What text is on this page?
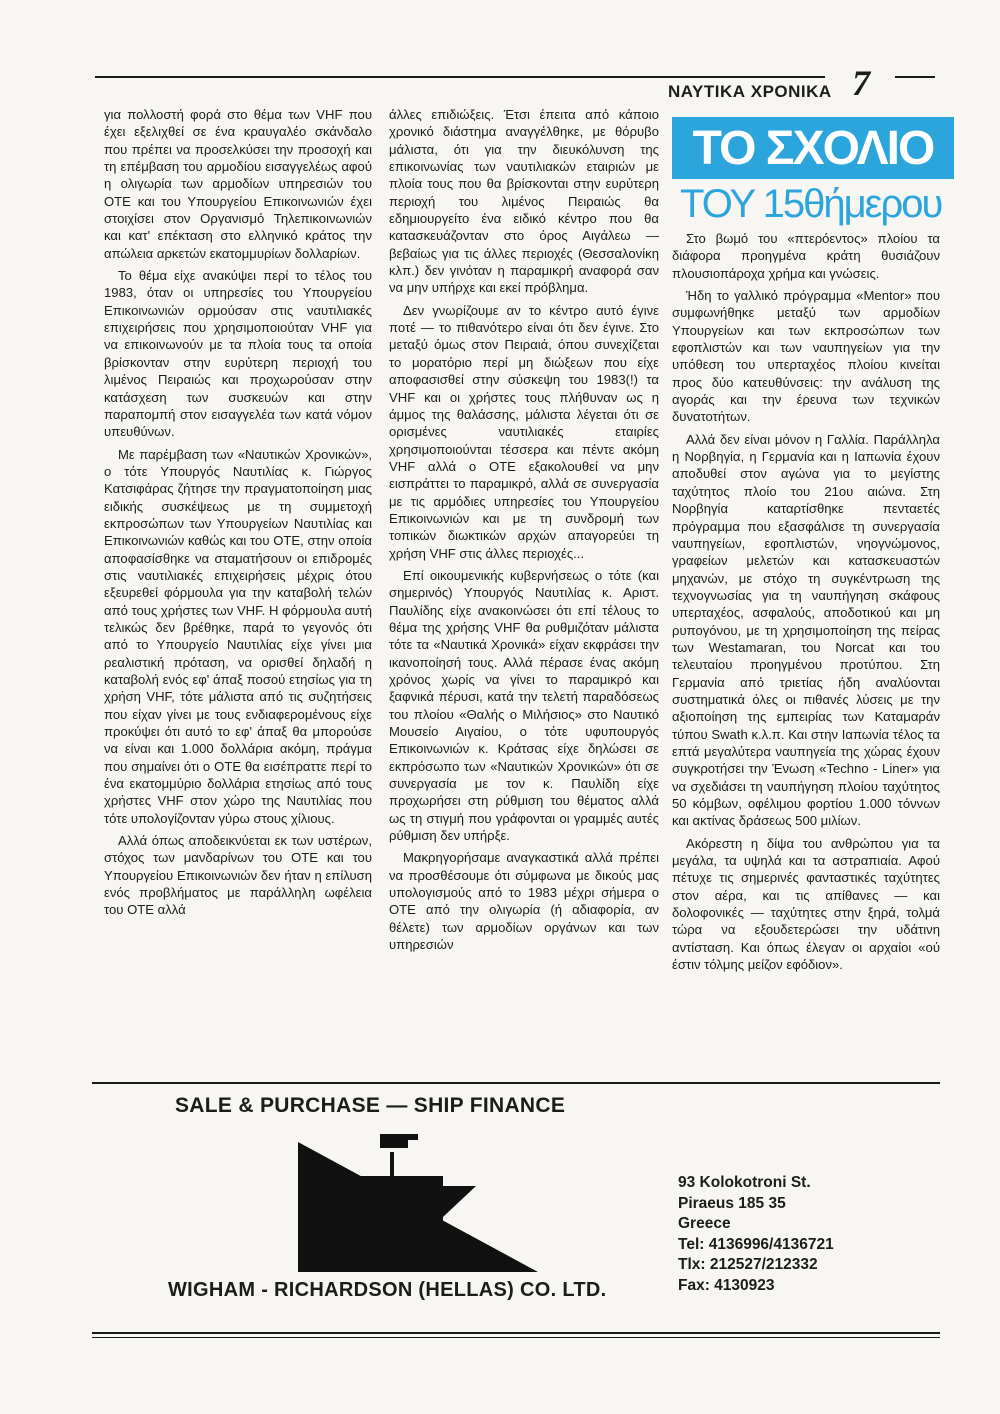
ΝΑΥΤΙΚΑ ΧΡΟΝΙΚΑ 7

για πολλοστή φορά στο θέμα των VHF που έχει εξελιχθεί σε ένα κραυγαλέο σκάνδαλο που πρέπει να προσελκύσει την προσοχή και τη επέμβαση του αρμοδίου εισαγγελέως αφού η ολιγωρία των αρμοδίων υπηρεσιών του ΟΤΕ και του Υπουργείου Επικοινωνιών έχει στοιχίσει στον Οργανισμό Τηλεπικοινωνιών και κατ' επέκταση στο ελληνικό κράτος την απώλεια αρκετών εκατομμυρίων δολλαρίων.

Το θέμα είχε ανακύψει περί το τέλος του 1983, όταν οι υπηρεσίες του Υπουργείου Επικοινωνιών ορμούσαν στις ναυτιλιακές επιχειρήσεις που χρησιμοποιούταν VHF για να επικοινωνούν με τα πλοία τους τα οποία βρίσκονταν στην ευρύτερη περιοχή του λιμένος Πειραιώς και προχωρούσαν στην κατάσχεση των συσκευών και στην παραπομπή στον εισαγγελέα των κατά νόμον υπευθύνων.

Με παρέμβαση των «Ναυτικών Χρονικών», ο τότε Υπουργός Ναυτιλίας κ. Γιώργος Κατσιφάρας ζήτησε την πραγματοποίηση μιας ειδικής συσκέψεως με τη συμμετοχή εκπροσώπων των Υπουργείων Ναυτιλίας και Επικοινωνιών καθώς και του ΟΤΕ, στην οποία αποφασίσθηκε να σταματήσουν οι επιδρομές στις ναυτιλιακές επιχειρήσεις μέχρις ότου εξευρεθεί φόρμουλα για την καταβολή τελών από τους χρήστες των VHF. Η φόρμουλα αυτή τελικώς δεν βρέθηκε, παρά το γεγονός ότι από το Υπουργείο Ναυτιλίας είχε γίνει μια ρεαλιστική πρόταση, να ορισθεί δηλαδή η καταβολή ενός εφ' άπαξ ποσού ετησίως για τη χρήση VHF, τότε μάλιστα από τις συζητήσεις που είχαν γίνει με τους ενδιαφερομένους είχε προκύψει ότι αυτό το εφ' άπαξ θα μπορούσε να είναι και 1.000 δολλάρια ακόμη, πράγμα που σημαίνει ότι ο ΟΤΕ θα εισέπραττε περί το ένα εκατομμύριο δολλάρια ετησίως από τους χρήστες VHF στον χώρο της Ναυτιλίας που τότε υπολογίζονταν γύρω στους χίλιους.

Αλλά όπως αποδεικνύεται εκ των υστέρων, στόχος των μανδαρίνων του ΟΤΕ και του Υπουργείου Επικοινωνιών δεν ήταν η επίλυση ενός προβλήματος με παράλληλη ωφέλεια του ΟΤΕ αλλά

άλλες επιδιώξεις. Έτσι έπειτα από κάποιο χρονικό διάστημα αναγγέλθηκε, με θόρυβο μάλιστα, ότι για την διευκόλυνση της επικοινωνίας των ναυτιλιακών εταιριών με πλοία τους που θα βρίσκονται στην ευρύτερη περιοχή του λιμένος Πειραιώς θα εδημιουργείτο ένα ειδικό κέντρο που θα κατασκευάζονταν στο όρος Αιγάλεω — βεβαίως για τις άλλες περιοχές (Θεσσαλονίκη κλπ.) δεν γινόταν η παραμικρή αναφορά σαν να μην υπήρχε και εκεί πρόβλημα.

Δεν γνωρίζουμε αν το κέντρο αυτό έγινε ποτέ — το πιθανότερο είναι ότι δεν έγινε. Στο μεταξύ όμως στον Πειραιά, όπου συνεχίζεται το μορατόριο περί μη διώξεων που είχε αποφασισθεί στην σύσκεψη του 1983(!) τα VHF και οι χρήστες τους πλήθυναν ως η άμμος της θαλάσσης, μάλιστα λέγεται ότι σε ορισμένες ναυτιλιακές εταιρίες χρησιμοποιούνται τέσσερα και πέντε ακόμη VHF αλλά ο ΟΤΕ εξακολουθεί να μην εισπράττει το παραμικρό, αλλά σε συνεργασία με τις αρμόδιες υπηρεσίες του Υπουργείου Επικοινωνιών και με τη συνδρομή των τοπικών διωκτικών αρχών απαγορεύει τη χρήση VHF στις άλλες περιοχές...

Επί οικουμενικής κυβερνήσεως ο τότε (και σημερινός) Υπουργός Ναυτιλίας κ. Αριστ. Παυλίδης είχε ανακοινώσει ότι επί τέλους το θέμα της χρήσης VHF θα ρυθμιζόταν μάλιστα τότε τα «Ναυτικά Χρονικά» είχαν εκφράσει την ικανοποίησή τους. Αλλά πέρασε ένας ακόμη χρόνος χωρίς να γίνει το παραμικρό και ξαφνικά πέρυσι, κατά την τελετή παραδόσεως του πλοίου «Θαλής ο Μιλήσιος» στο Ναυτικό Μουσείο Αιγαίου, ο τότε υφυπουργός Επικοινωνιών κ. Κράτσας είχε δηλώσει σε εκπρόσωπο των «Ναυτικών Χρονικών» ότι σε συνεργασία με τον κ. Παυλίδη είχε προχωρήσει στη ρύθμιση του θέματος αλλά ως τη στιγμή που γράφονται οι γραμμές αυτές ρύθμιση δεν υπήρξε.

Μακρηγορήσαμε αναγκαστικά αλλά πρέπει να προσθέσουμε ότι σύμφωνα με δικούς μας υπολογισμούς από το 1983 μέχρι σήμερα ο ΟΤΕ από την ολιγωρία (ή αδιαφορία, αν θέλετε) των αρμοδίων οργάνων και των υπηρεσιών

ΤΟ ΣΧΟΛΙΟ
ΤΟΥ 15θήμερου

Στο βωμό του «πτερόεντος» πλοίου τα διάφορα προηγμένα κράτη θυσιάζουν πλουσιοπάροχα χρήμα και γνώσεις.

Ήδη το γαλλικό πρόγραμμα «Mentor» που συμφωνήθηκε μεταξύ των αρμοδίων Υπουργείων και των εκπροσώπων των εφοπλιστών και των ναυπηγείων για την υπόθεση του υπερταχέος πλοίου κινείται προς δύο κατευθύνσεις: την ανάλυση της αγοράς και την έρευνα των τεχνικών δυνατοτήτων.

Αλλά δεν είναι μόνον η Γαλλία. Παράλληλα η Νορβηγία, η Γερμανία και η Ιαπωνία έχουν αποδυθεί στον αγώνα για το μεγίστης ταχύτητος πλοίο του 21ου αιώνα. Στη Νορβηγία καταρτίσθηκε πενταετές πρόγραμμα που εξασφάλισε τη συνεργασία ναυπηγείων, εφοπλιστών, νηογνώμονος, γραφείων μελετών και κατασκευαστών μηχανών, με στόχο τη συγκέντρωση της τεχνογνωσίας για τη ναυπήγηση σκάφους υπερταχέος, ασφαλούς, αποδοτικού και μη ρυπογόνου, με τη χρησιμοποίηση της πείρας των Westamaran, του Norcat και του τελευταίου προηγμένου προτύπου. Στη Γερμανία από τριετίας ήδη αναλύονται συστηματικά όλες οι πιθανές λύσεις με την αξιοποίηση της εμπειρίας των Καταμαράν τύπου Swath κ.λ.π. Και στην Ιαπωνία τέλος τα επτά μεγαλύτερα ναυπηγεία της χώρας έχουν συγκροτήσει την Ένωση «Techno - Liner» για να σχεδιάσει τη ναυπήγηση πλοίου ταχύτητος 50 κόμβων, οφέλιμου φορτίου 1.000 τόννων και ακτίνας δράσεως 500 μιλίων.

Ακόρεστη η δίψα του ανθρώπου για τα μεγάλα, τα υψηλά και τα αστραπιαία. Αφού πέτυχε τις σημερινές φανταστικές ταχύτητες στον αέρα, και τις απίθανες — και δολοφονικές — ταχύτητες στην ξηρά, τολμά τώρα να εξουδετερώσει την υδάτινη αντίσταση. Και όπως έλεγαν οι αρχαίοι «ού έστιν τόλμης μείζον εφόδιον».

SALE & PURCHASE — SHIP FINANCE
WIGHAM - RICHARDSON (HELLAS) CO. LTD.
93 Kolokotroni St.
Piraeus 185 35
Greece
Tel: 4136996/4136721
Tlx: 212527/212332
Fax: 4130923
